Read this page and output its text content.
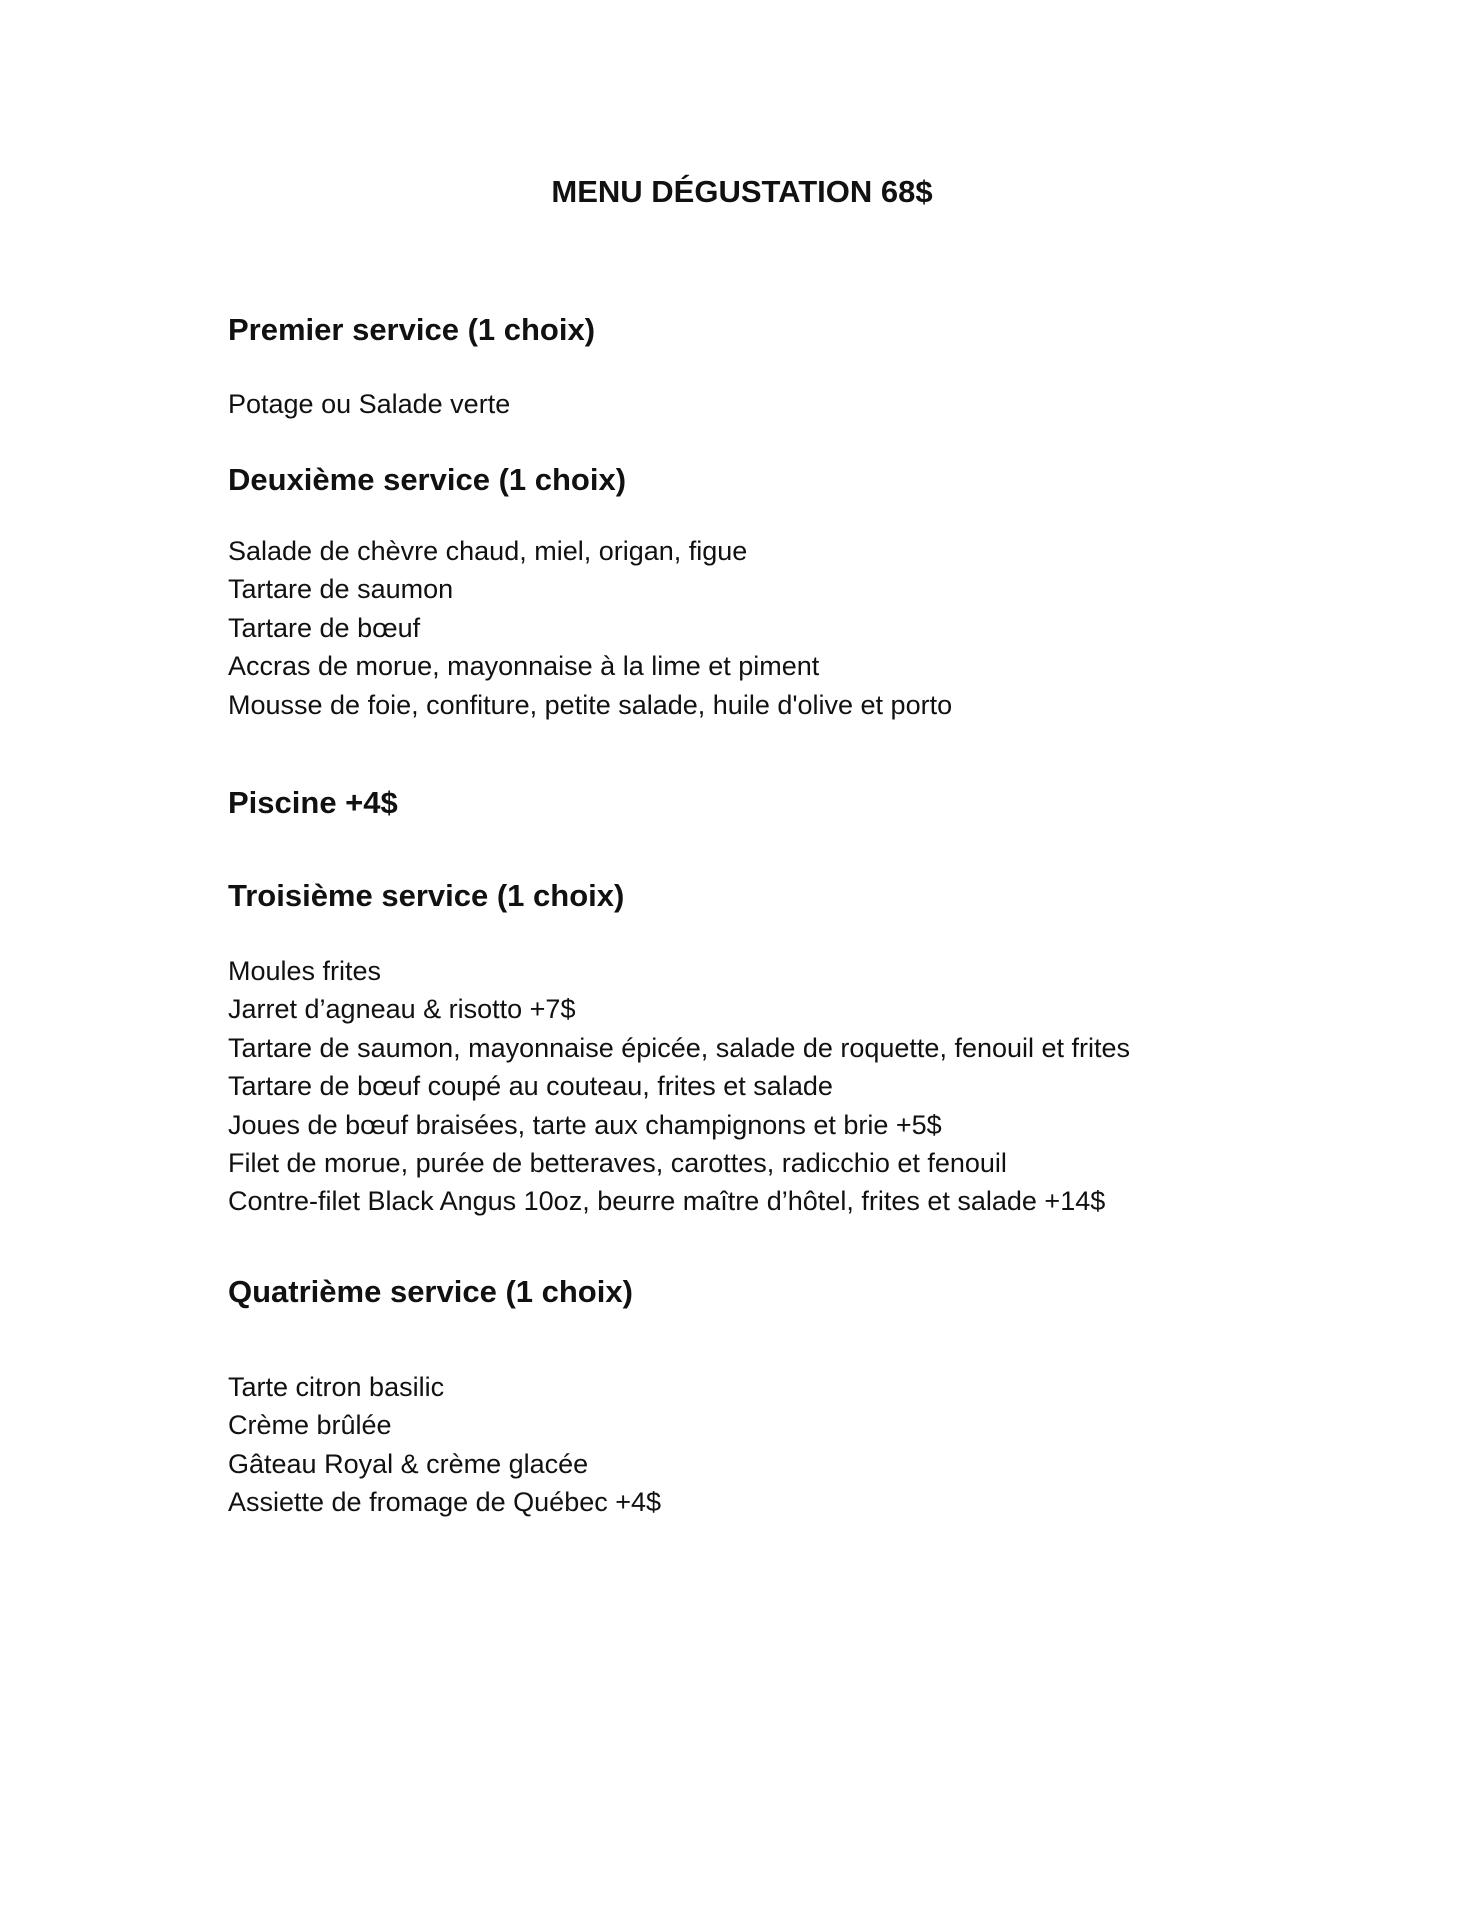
MENU DÉGUSTATION 68$
Premier service (1 choix)
Potage ou Salade verte
Deuxième service (1 choix)
Salade de chèvre chaud, miel, origan, figue
Tartare de saumon
Tartare de bœuf
Accras de morue, mayonnaise à la lime et piment
Mousse de foie, confiture, petite salade, huile d'olive et porto
Piscine +4$
Troisième service (1 choix)
Moules frites
Jarret d’agneau & risotto +7$
Tartare de saumon, mayonnaise épicée, salade de roquette, fenouil et frites
Tartare de bœuf coupé au couteau, frites et salade
Joues de bœuf braisées, tarte aux champignons et brie +5$
Filet de morue, purée de betteraves, carottes, radicchio et fenouil
Contre-filet Black Angus 10oz, beurre maître d’hôtel, frites et salade +14$
Quatrième service (1 choix)
Tarte citron basilic
Crème brûlée
Gâteau Royal & crème glacée
Assiette de fromage de Québec +4$
